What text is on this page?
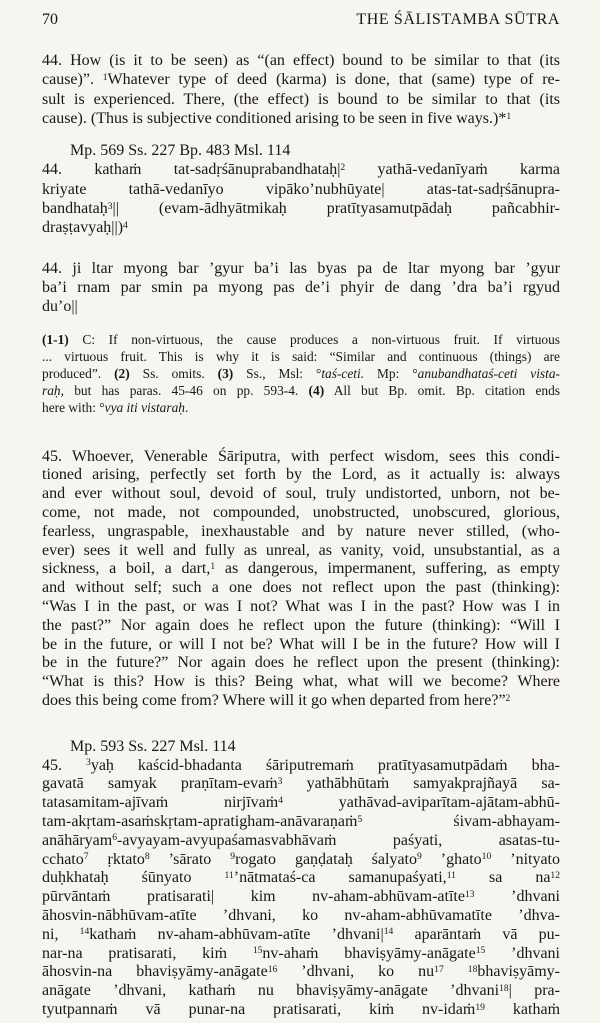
70	THE ŚĀLISTAMBA SŪTRA
44. How (is it to be seen) as “(an effect) bound to be similar to that (its
cause)”. $^1$Whatever type of deed (karma) is done, that (same) type of re-
sult is experienced. There, (the effect) is bound to be similar to that (its
cause). (Thus is subjective conditioned arising to be seen in five ways.)*$^1$
Mp. 569 Ss. 227 Bp. 483 Msl. 114
44. kathaṁ tat-$sadṛśānuprabandhataḥ|^2$ yathā-vedanīyaṁ karma
kriyate tathā-vedanīyo vipāko’nubhūyate| atas-tat-sadṛśānupra-
bandhataḥ$^3$|| (evam-ādhyātmikaḥ pratītyasamutpādaḥ pañcabhir-
draṣṭavyaḥ||)$^4$
44. ji ltar myong bar ’gyur ba’i las byas pa de ltar myong bar ’gyur
ba’i rnam par smin pa myong pas de’i phyir de dang ’dra ba’i rgyud
du’o||
(1-1) C: If non-virtuous, the cause produces a non-virtuous fruit. If virtuous
... virtuous fruit. This is why it is said: “Similar and continuous (things) are
produced”. (2) Ss. omits. (3) Ss., Msl: °taś-ceti. Mp: °anubandhataś-ceti vista-
raḥ, but has paras. 45-46 on pp. 593-4. (4) All but Bp. omit. Bp. citation ends
here with: °vya iti vistaraḥ.
45. Whoever, Venerable Śāriputra, with perfect wisdom, sees this condi-
tioned arising, perfectly set forth by the Lord, as it actually is: always
and ever without soul, devoid of soul, truly undistorted, unborn, not be-
come, not made, not compounded, unobstructed, unobscured, glorious,
fearless, ungraspable, inexhaustable and by nature never stilled, (who-
ever) sees it well and fully as unreal, as vanity, void, unsubstantial, as a
sickness, a boil, a dart,$^1$ as dangerous, impermanent, suffering, as empty
and without self; such a one does not reflect upon the past (thinking):
“Was I in the past, or was I not? What was I in the past? How was I in
the past?” Nor again does he reflect upon the future (thinking): “Will I
be in the future, or will I not be? What will I be in the future? How will I
be in the future?” Nor again does he reflect upon the present (thinking):
“What is this? How is this? Being what, what will we become? Where
does this being come from? Where will it go when departed from here?”$^2$
Mp. 593 Ss. 227 Msl. 114
45. $^3$yaḥ kaścid-bhadanta śāriputremaṁ pratītyasamutpādaṁ bha-
gavatā samyak praṇītam-evaṁ$^3$ yathābhūtaṁ samyakprajñayā sa-
tatasamitam-ajīvaṁ nirjīvaṁ$^4$ yathāvad-aviparītam-ajātam-abhū-
tam-akṛtam-asaṁskṛtam-apratigham-anāvaraṇaṁ$^5$ śivam-abhayam-
anāhāryam$^6$-avyayam-avyupaśamasvabhāvaṁ paśyati, asatas-tu-
cchato$^7$ ṛktato$^8$ ’sārato $^9$rogato gaṇḍataḥ śalyato$^9$ ’ghato$^{10}$ ’nityato
duḥkhataḥ śūnyato $^{11}$’nātmataś-ca samanupaśyati,$^{11}$ sa $na^{12}$
pūrvāntaṁ pratisarati| kim nv-aham-abhūvam-atīte$^{13}$ ’dhvani
āhosvin-nābhūvam-atīte ’dhvani, ko nv-aham-abhūvamatīte ’dhva-
ni, $^{14}$kathaṁ nv-aham-abhūvam-atīte $’dhvani|^{14}$ aparāntaṁ vā pu-
nar-na pratisarati, kiṁ $^{15}$nv-ahaṁ bhaviṣyāmy-anāgate$^{15}$ ’dhvani
āhosvin-na bhaviṣyāmy-anāgate$^{16}$ ’dhvani, ko $nu^{17}$	$^{18}$bhaviṣyāmy-
anāgate ’dhvani, kathaṁ nu bhaviṣyāmy-anāgate ’dhvani$^{18}$| pra-
tyutpannaṁ vā punar-na pratisarati, kiṁ nv-idaṁ$^{19}$ kathaṁ
